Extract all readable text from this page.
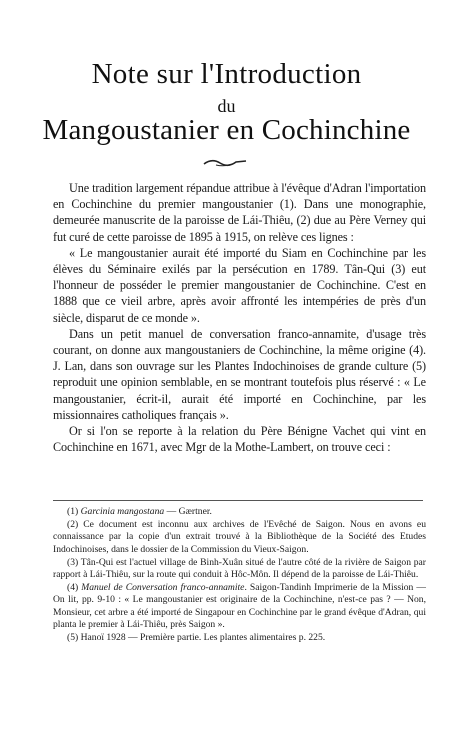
Note sur l'Introduction
du
Mangoustanier en Cochinchine

Une tradition largement répandue attribue à l'évêque d'Adran l'importation en Cochinchine du premier mangoustanier (1). Dans une monographie, demeurée manuscrite de la paroisse de Lái-Thiêu, (2) due au Père Verney qui fut curé de cette paroisse de 1895 à 1915, on relève ces lignes :

« Le mangoustanier aurait été importé du Siam en Cochinchine par les élèves du Séminaire exilés par la persécution en 1789. Tân-Qui (3) eut l'honneur de posséder le premier mangoustanier de Cochinchine. C'est en 1888 que ce vieil arbre, après avoir affronté les intempéries de près d'un siècle, disparut de ce monde ».

Dans un petit manuel de conversation franco-annamite, d'usage très courant, on donne aux mangoustaniers de Cochinchine, la même origine (4). J. Lan, dans son ouvrage sur les Plantes Indochinoises de grande culture (5) reproduit une opinion semblable, en se montrant toutefois plus réservé : « Le mangoustanier, écrit-il, aurait été importé en Cochinchine, par les missionnaires catholiques français ».

Or si l'on se reporte à la relation du Père Bénigne Vachet qui vint en Cochinchine en 1671, avec Mgr de la Mothe-Lambert, on trouve ceci :

(1) Garcinia mangostana — Gærtner.

(2) Ce document est inconnu aux archives de l'Evêché de Saigon. Nous en avons eu connaissance par la copie d'un extrait trouvé à la Bibliothèque de la Société des Etudes Indochinoises, dans le dossier de la Commission du Vieux-Saigon.

(3) Tân-Qui est l'actuel village de Binh-Xuân situé de l'autre côté de la rivière de Saigon par rapport à Lái-Thiêu, sur la route qui conduit à Hôc-Môn. Il dépend de la paroisse de Lái-Thiêu.

(4) Manuel de Conversation franco-annamite. Saigon-Tandinh Imprimerie de la Mission — On lit, pp. 9-10 : « Le mangoustanier est originaire de la Cochinchine, n'est-ce pas ? — Non, Monsieur, cet arbre a été importé de Singapour en Cochinchine par le grand évêque d'Adran, qui planta le premier à Lái-Thiêu, près Saigon ».

(5) Hanoï 1928 — Première partie. Les plantes alimentaires p. 225.
